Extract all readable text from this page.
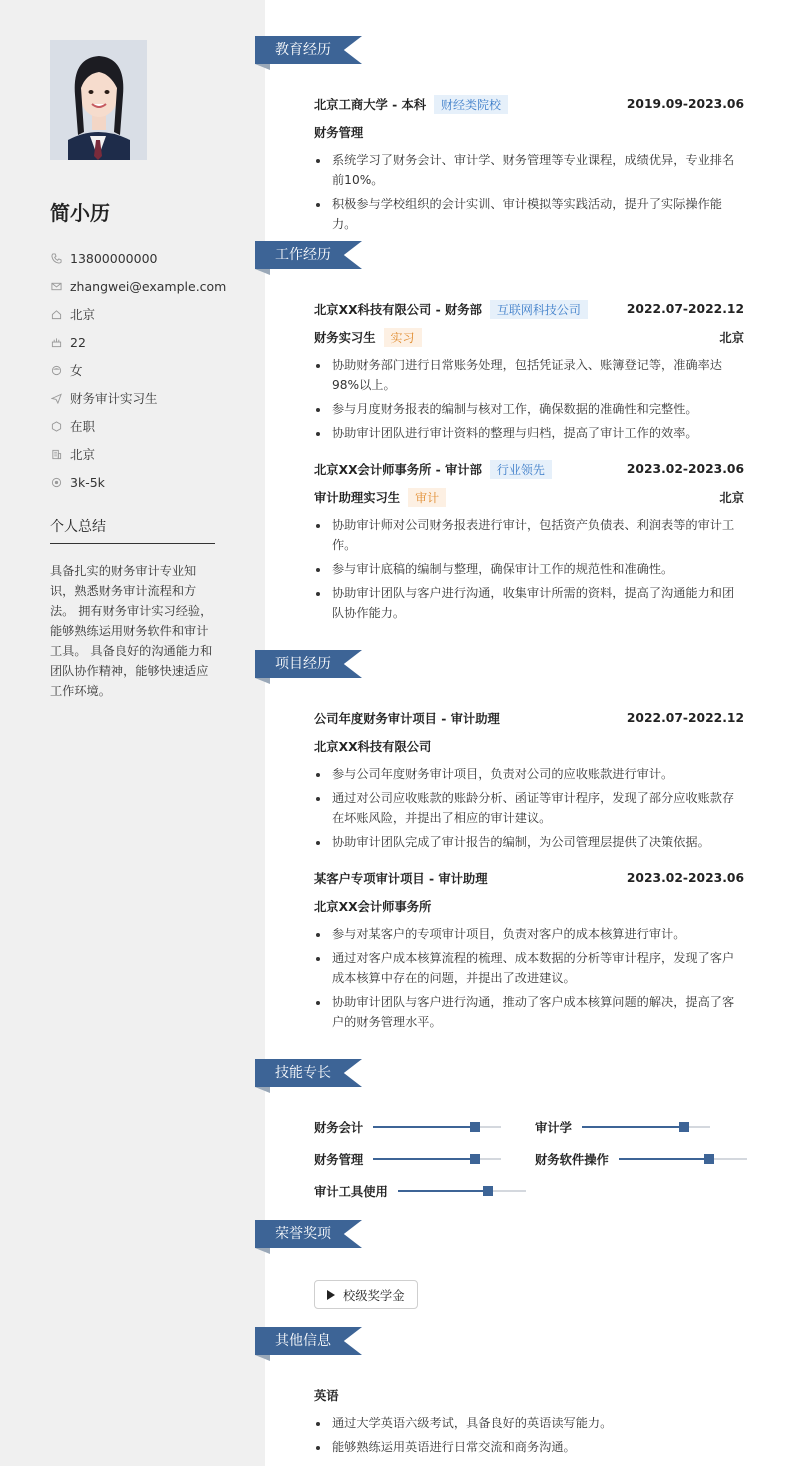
简小历
13800000000
zhangwei@example.com
北京
22
女
财务审计实习生
在职
北京
3k-5k
个人总结
具备扎实的财务审计专业知识，熟悉财务审计流程和方法。 拥有财务审计实习经验，能够熟练运用财务软件和审计工具。 具备良好的沟通能力和团队协作精神，能够快速适应工作环境。
教育经历
北京工商大学 - 本科 财经类院校	2019.09-2023.06
财务管理
系统学习了财务会计、审计学、财务管理等专业课程，成绩优异，专业排名前10%。
积极参与学校组织的会计实训、审计模拟等实践活动，提升了实际操作能力。
工作经历
北京XX科技有限公司 - 财务部 互联网科技公司	2022.07-2022.12
财务实习生 实习	北京
协助财务部门进行日常账务处理，包括凭证录入、账簿登记等，准确率达98%以上。
参与月度财务报表的编制与核对工作，确保数据的准确性和完整性。
协助审计团队进行审计资料的整理与归档，提高了审计工作的效率。
北京XX会计师事务所 - 审计部 行业领先	2023.02-2023.06
审计助理实习生 审计	北京
协助审计师对公司财务报表进行审计，包括资产负债表、利润表等的审计工作。
参与审计底稿的编制与整理，确保审计工作的规范性和准确性。
协助审计团队与客户进行沟通，收集审计所需的资料，提高了沟通能力和团队协作能力。
项目经历
公司年度财务审计项目 - 审计助理	2022.07-2022.12
北京XX科技有限公司
参与公司年度财务审计项目，负责对公司的应收账款进行审计。
通过对公司应收账款的账龄分析、函证等审计程序，发现了部分应收账款存在坏账风险，并提出了相应的审计建议。
协助审计团队完成了审计报告的编制，为公司管理层提供了决策依据。
某客户专项审计项目 - 审计助理	2023.02-2023.06
北京XX会计师事务所
参与对某客户的专项审计项目，负责对客户的成本核算进行审计。
通过对客户成本核算流程的梳理、成本数据的分析等审计程序，发现了客户成本核算中存在的问题，并提出了改进建议。
协助审计团队与客户进行沟通，推动了客户成本核算问题的解决，提高了客户的财务管理水平。
技能专长
财务会计	审计学
财务管理	财务软件操作
审计工具使用
荣誉奖项
校级奖学金
其他信息
英语
通过大学英语六级考试，具备良好的英语读写能力。
能够熟练运用英语进行日常交流和商务沟通。
